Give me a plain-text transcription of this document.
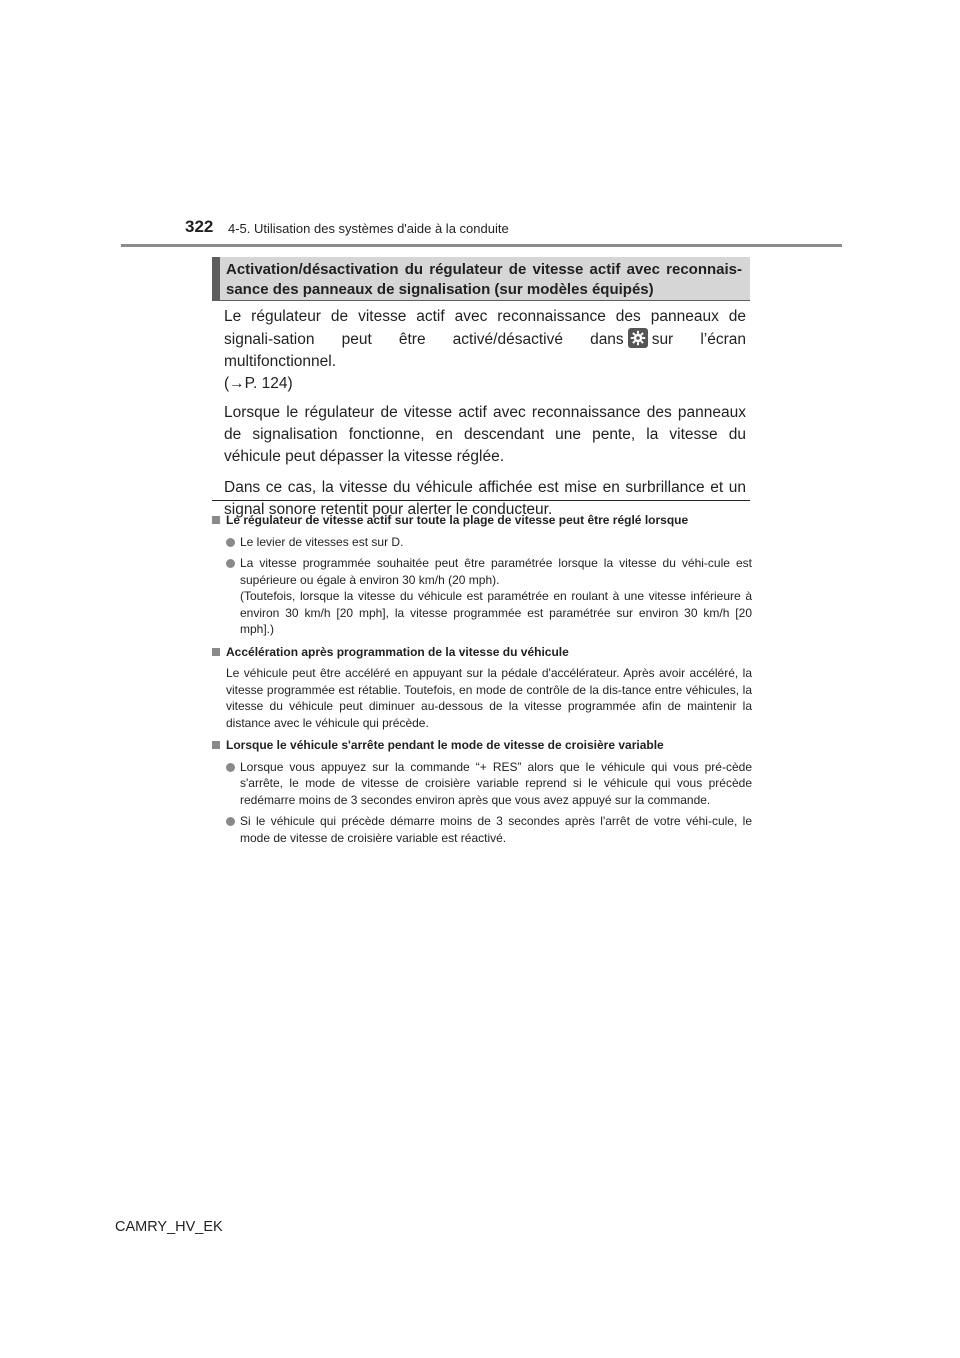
322 4-5. Utilisation des systèmes d'aide à la conduite
Activation/désactivation du régulateur de vitesse actif avec reconnais-sance des panneaux de signalisation (sur modèles équipés)

Le régulateur de vitesse actif avec reconnaissance des panneaux de signali-sation peut être activé/désactivé dans sur l’écran multifonctionnel.
(→P. 124)

Lorsque le régulateur de vitesse actif avec reconnaissance des panneaux de signalisation fonctionne, en descendant une pente, la vitesse du véhicule peut dépasser la vitesse réglée.

Dans ce cas, la vitesse du véhicule affichée est mise en surbrillance et un signal sonore retentit pour alerter le conducteur.

Le régulateur de vitesse actif sur toute la plage de vitesse peut être réglé lorsque
Le levier de vitesses est sur D.
La vitesse programmée souhaitée peut être paramétrée lorsque la vitesse du véhi-cule est supérieure ou égale à environ 30 km/h (20 mph).
(Toutefois, lorsque la vitesse du véhicule est paramétrée en roulant à une vitesse inférieure à environ 30 km/h [20 mph], la vitesse programmée est paramétrée sur environ 30 km/h [20 mph].)
Accélération après programmation de la vitesse du véhicule
Le véhicule peut être accéléré en appuyant sur la pédale d'accélérateur. Après avoir accéléré, la vitesse programmée est rétablie. Toutefois, en mode de contrôle de la dis-tance entre véhicules, la vitesse du véhicule peut diminuer au-dessous de la vitesse programmée afin de maintenir la distance avec le véhicule qui précède.
Lorsque le véhicule s'arrête pendant le mode de vitesse de croisière variable
Lorsque vous appuyez sur la commande “+ RES” alors que le véhicule qui vous pré-cède s'arrête, le mode de vitesse de croisière variable reprend si le véhicule qui vous précède redémarre moins de 3 secondes environ après que vous avez appuyé sur la commande.
Si le véhicule qui précède démarre moins de 3 secondes après l'arrêt de votre véhi-cule, le mode de vitesse de croisière variable est réactivé.
CAMRY_HV_EK
